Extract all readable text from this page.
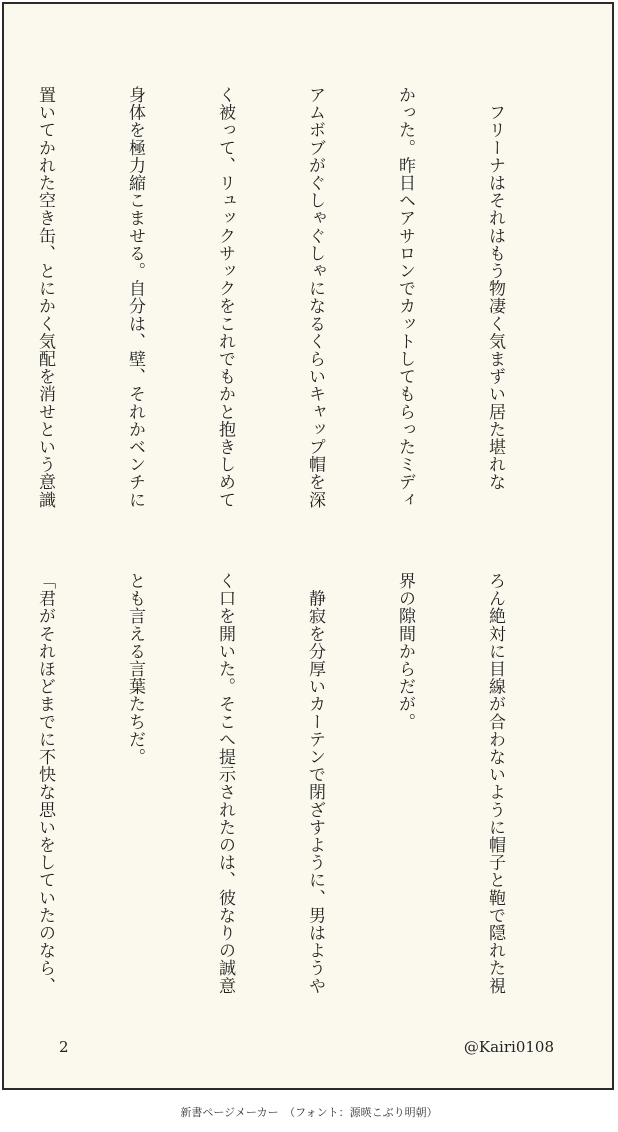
　フリーナはそれはもう物凄く気まずい居た堪れな

かった。昨日ヘアサロンでカットしてもらったミディ

アムボブがぐしゃぐしゃになるくらいキャップ帽を深

く被って、リュックサックをこれでもかと抱きしめて

身体を極力縮こませる。自分は、壁、それかベンチに

置いてかれた空き缶、とにかく気配を消せという意識

ろん絶対に目線が合わないように帽子と鞄で隠れた視

界の隙間からだが。

　静寂を分厚いカーテンで閉ざすように、男はようや

く口を開いた。そこへ提示されたのは、彼なりの誠意

とも言える言葉たちだ。

「君がそれほどまでに不快な思いをしていたのなら、

2	@Kairi0108
新書ページメーカー　（フォント：源暎こぶり明朝）
